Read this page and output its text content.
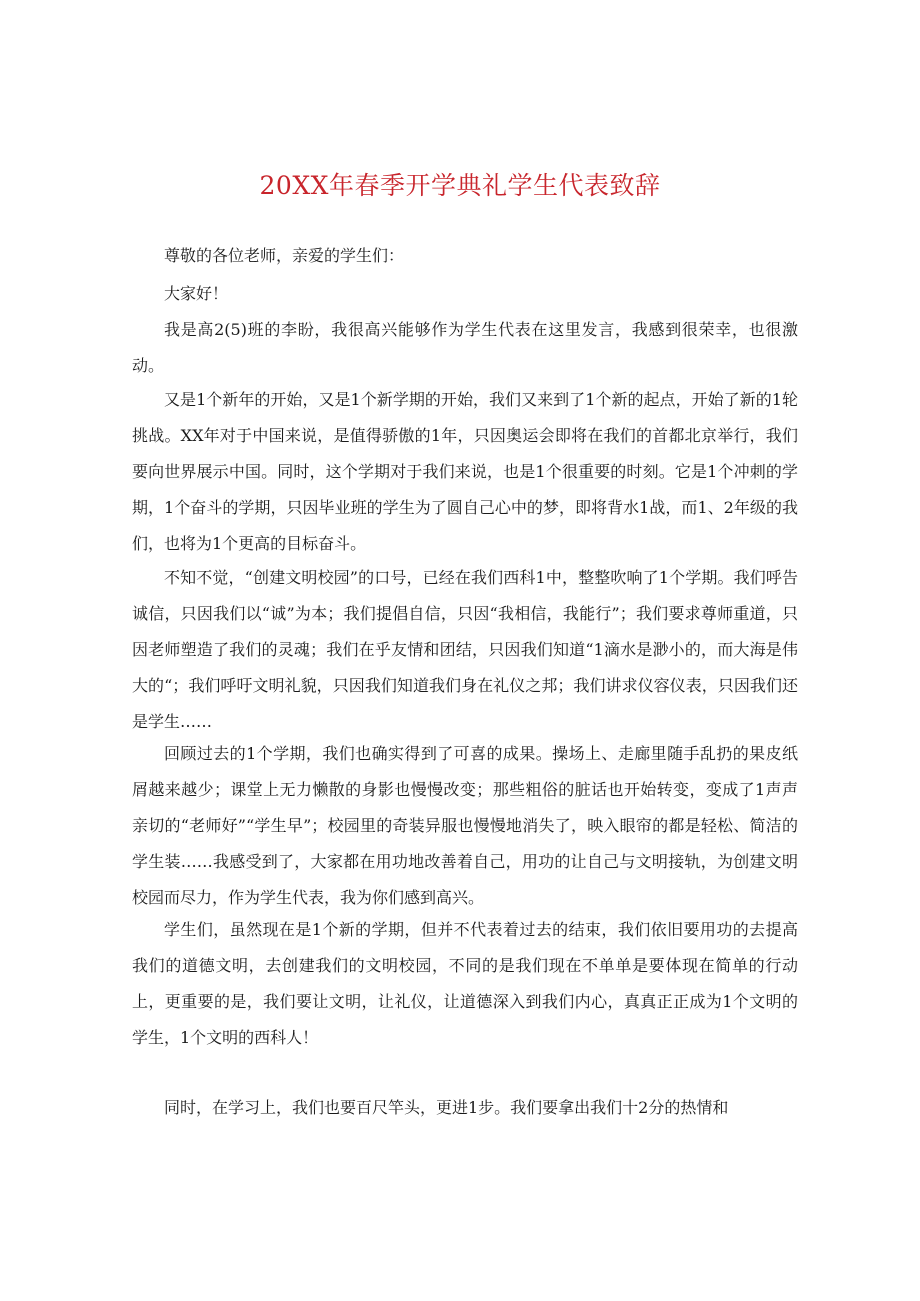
20XX年春季开学典礼学生代表致辞

尊敬的各位老师，亲爱的学生们：

大家好！

我是高2(5)班的李盼，我很高兴能够作为学生代表在这里发言，我感到很荣幸，也很激动。

又是1个新年的开始，又是1个新学期的开始，我们又来到了1个新的起点，开始了新的1轮挑战。XX年对于中国来说，是值得骄傲的1年，只因奥运会即将在我们的首都北京举行，我们要向世界展示中国。同时，这个学期对于我们来说，也是1个很重要的时刻。它是1个冲刺的学期，1个奋斗的学期，只因毕业班的学生为了圆自己心中的梦，即将背水1战，而1、2年级的我们，也将为1个更高的目标奋斗。

不知不觉，“创建文明校园”的口号，已经在我们西科1中，整整吹响了1个学期。我们呼告诚信，只因我们以“诚”为本；我们提倡自信，只因“我相信，我能行”；我们要求尊师重道，只因老师塑造了我们的灵魂；我们在乎友情和团结，只因我们知道“1滴水是渺小的，而大海是伟大的“；我们呼吁文明礼貌，只因我们知道我们身在礼仪之邦；我们讲求仪容仪表，只因我们还是学生……

回顾过去的1个学期，我们也确实得到了可喜的成果。操场上、走廊里随手乱扔的果皮纸屑越来越少；课堂上无力懒散的身影也慢慢改变；那些粗俗的脏话也开始转变，变成了1声声亲切的“老师好”“学生早”；校园里的奇装异服也慢慢地消失了，映入眼帘的都是轻松、简洁的学生装……我感受到了，大家都在用功地改善着自己，用功的让自己与文明接轨，为创建文明校园而尽力，作为学生代表，我为你们感到高兴。

学生们，虽然现在是1个新的学期，但并不代表着过去的结束，我们依旧要用功的去提高我们的道德文明，去创建我们的文明校园，不同的是我们现在不单单是要体现在简单的行动上，更重要的是，我们要让文明，让礼仪，让道德深入到我们内心，真真正正成为1个文明的学生，1个文明的西科人！

同时，在学习上，我们也要百尺竿头，更进1步。我们要拿出我们十2分的热情和
